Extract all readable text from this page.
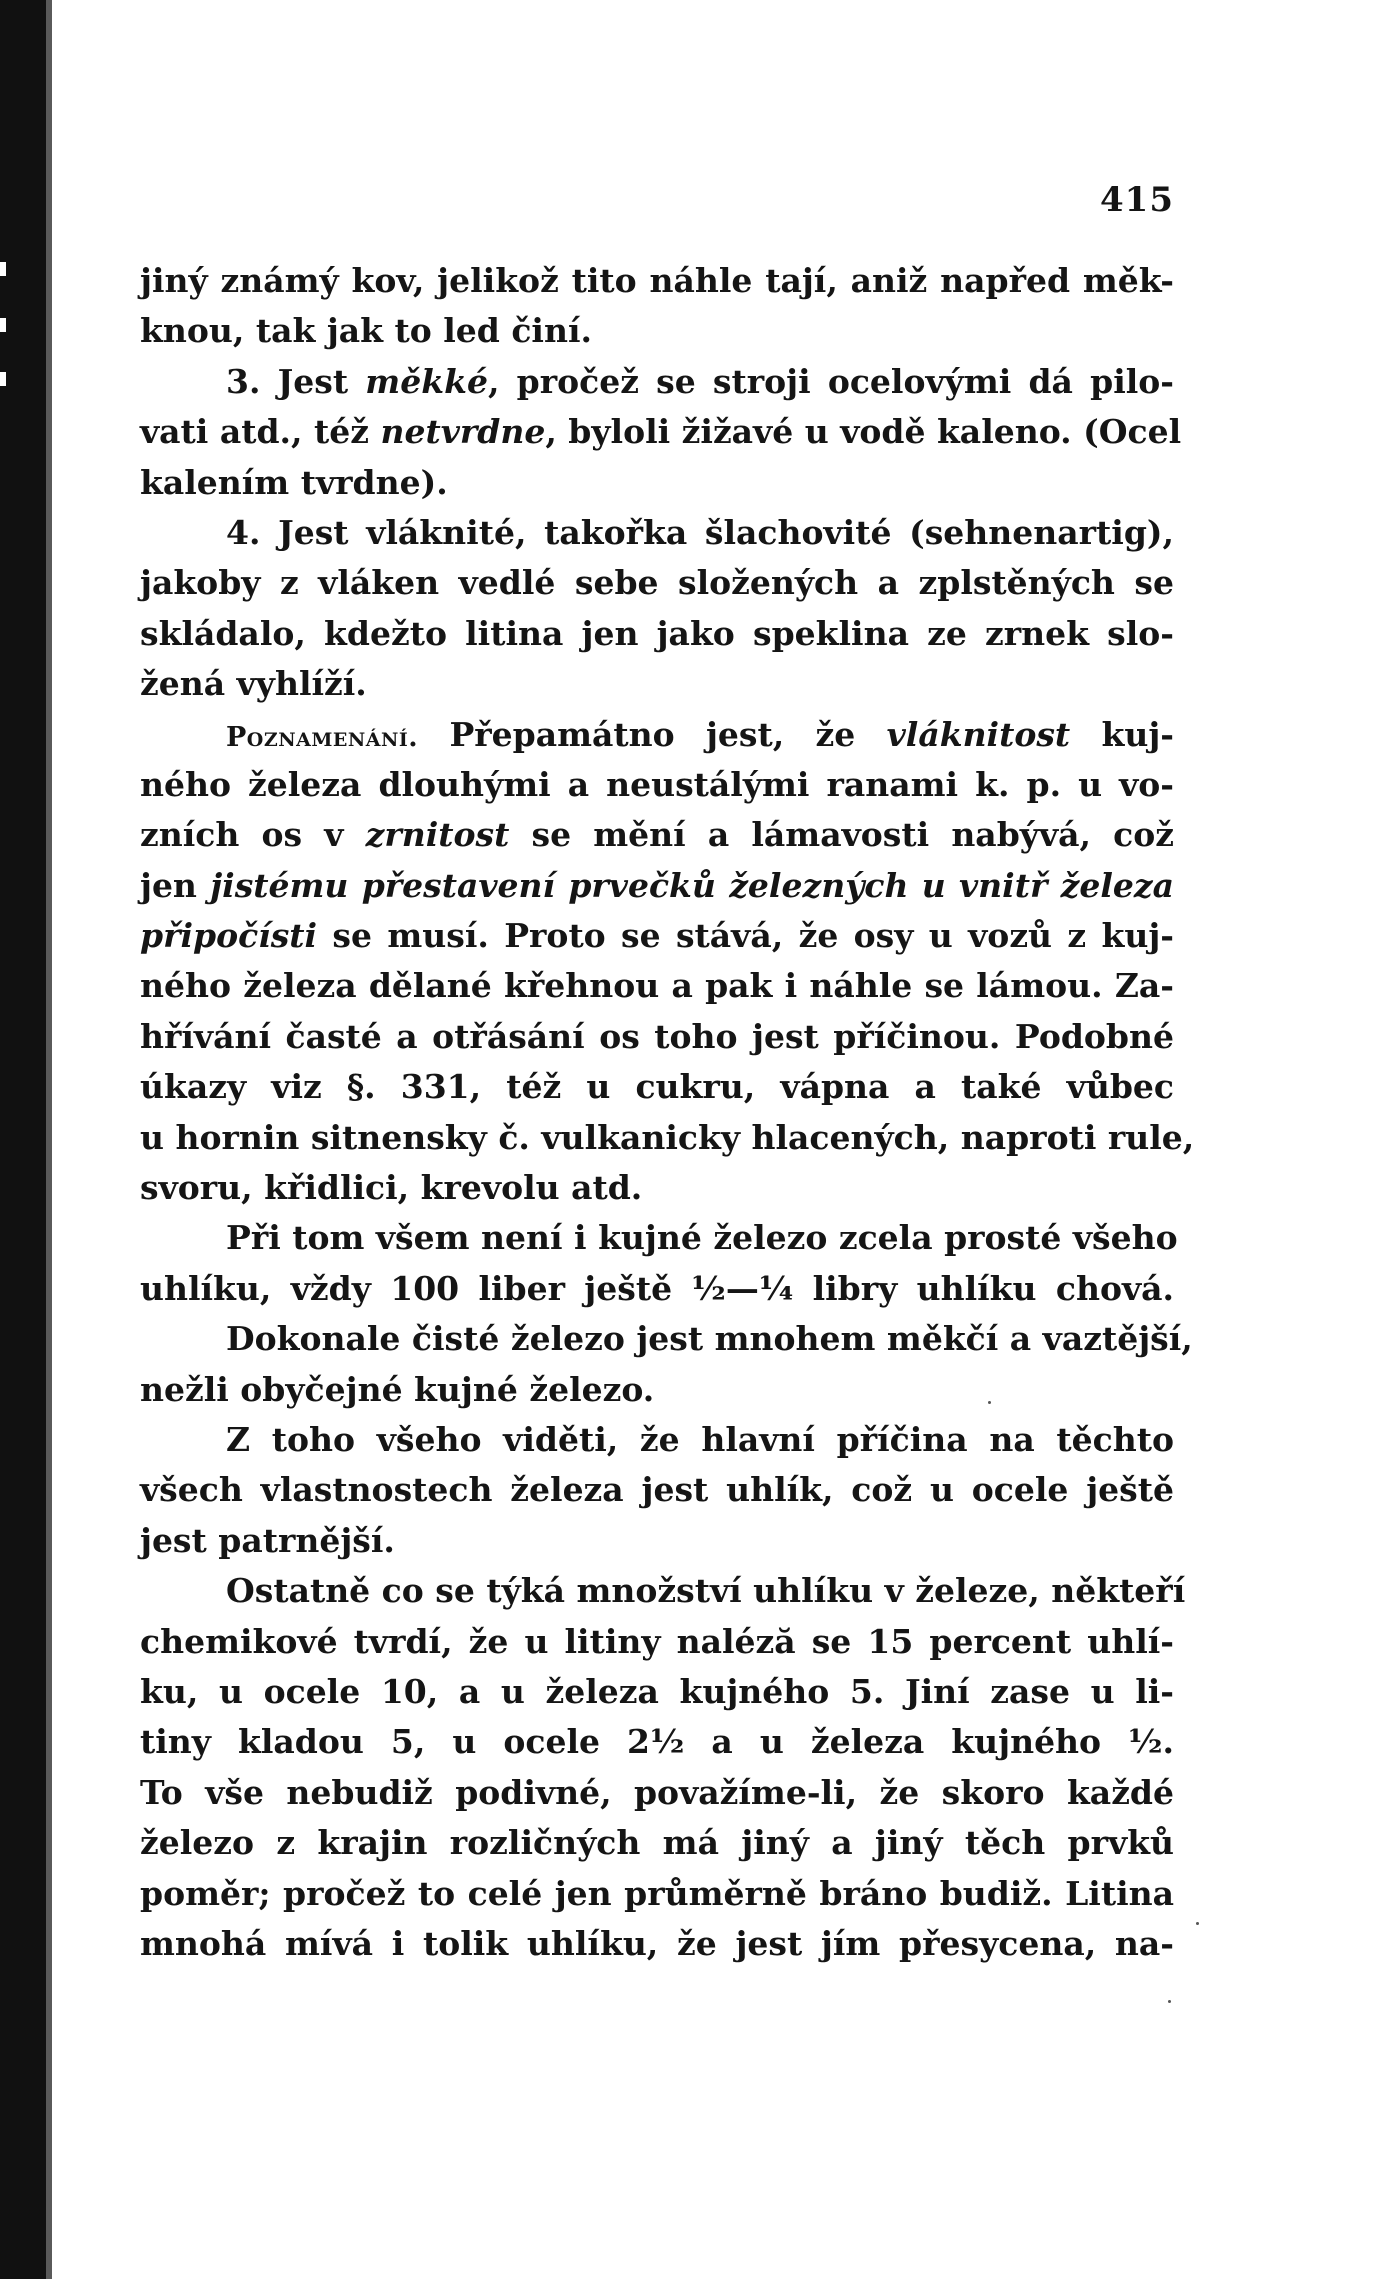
415
jiný známý kov, jelikož tito náhle tají, aniž napřed měk-
knou, tak jak to led činí.
3. Jest měkké, pročež se stroji ocelovými dá pilo-
vati atd., též netvrdne, byloli žižavé u vodě kaleno. (Ocel
kalením tvrdne).
4. Jest vláknité, takořka šlachovité (sehnenartig),
jakoby z vláken vedlé sebe složených a zplstěných se
skládalo, kdežto litina jen jako speklina ze zrnek slo-
žená vyhlíží.
Poznamenání. Přepamátno jest, že vláknitost kuj-
ného železa dlouhými a neustálými ranami k. p. u vo-
zních os v zrnitost se mění a lámavosti nabývá, což
jen jistému přestavení prvečků železných u vnitř železa
připočísti se musí. Proto se stává, že osy u vozů z kuj-
ného železa dělané křehnou a pak i náhle se lámou. Za-
hřívání časté a otřásání os toho jest příčinou. Podobné
úkazy viz §. 331, též u cukru, vápna a také vůbec
u hornin sitnensky č. vulkanicky hlacených, naproti rule,
svoru, křidlici, krevolu atd.
Při tom všem není i kujné železo zcela prosté všeho
uhlíku, vždy 100 liber ještě ½—¼ libry uhlíku chová.
Dokonale čisté železo jest mnohem měkčí a vaztější,
nežli obyčejné kujné železo.
Z toho všeho viděti, že hlavní příčina na těchto
všech vlastnostech železa jest uhlík, což u ocele ještě
jest patrnější.
Ostatně co se týká množství uhlíku v železe, někteří
chemikové tvrdí, že u litiny naléză se 15 percent uhlí-
ku, u ocele 10, a u železa kujného 5. Jiní zase u li-
tiny kladou 5, u ocele 2½ a u železa kujného ½.
To vše nebudiž podivné, považíme-li, že skoro každé
železo z krajin rozličných má jiný a jiný těch prvků
poměr; pročež to celé jen průměrně bráno budiž. Litina
mnohá mívá i tolik uhlíku, že jest jím přesycena, na-
